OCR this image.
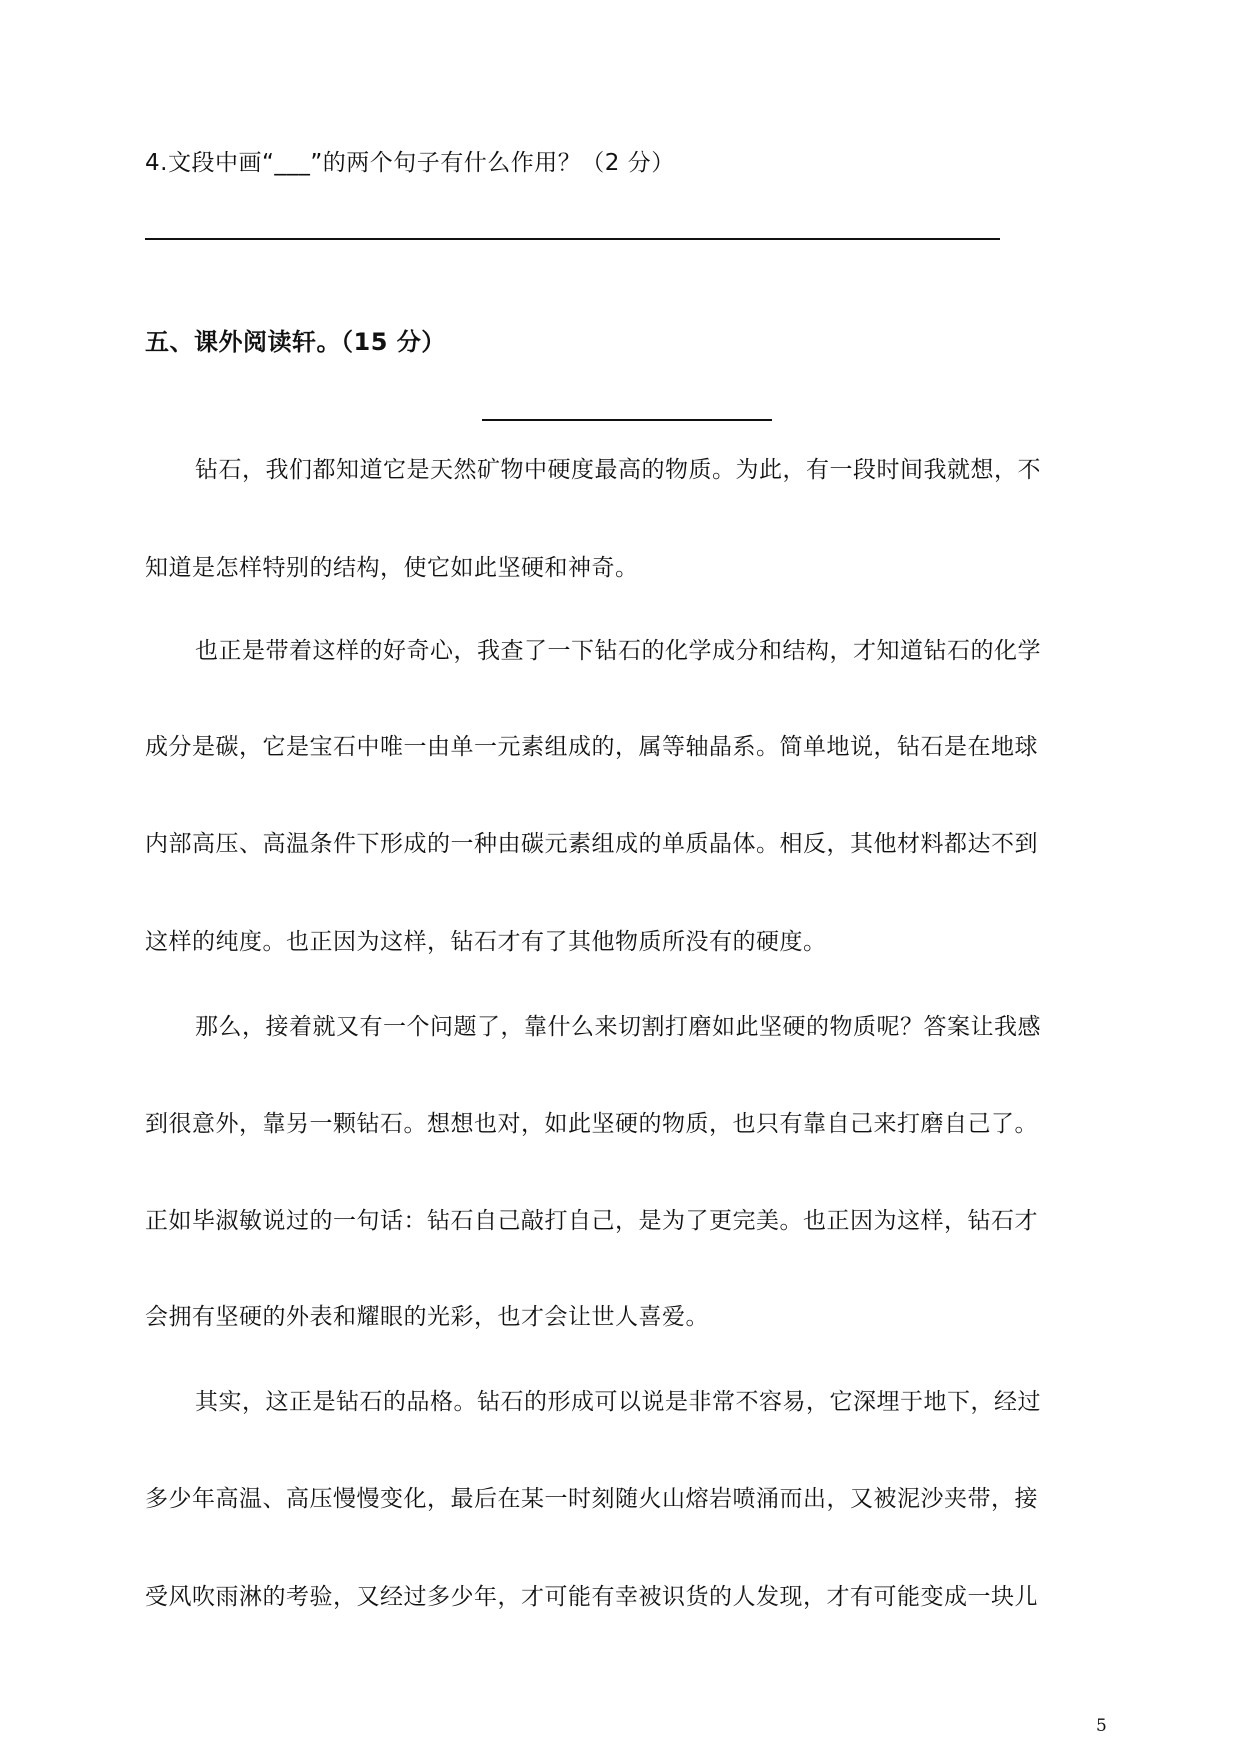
4.文段中画“___”的两个句子有什么作用？（2 分）
五、课外阅读轩。（15 分）
钻石，我们都知道它是天然矿物中硬度最高的物质。为此，有一段时间我就想，不
知道是怎样特别的结构，使它如此坚硬和神奇。
也正是带着这样的好奇心，我查了一下钻石的化学成分和结构，才知道钻石的化学
成分是碳，它是宝石中唯一由单一元素组成的，属等轴晶系。简单地说，钻石是在地球
内部高压、高温条件下形成的一种由碳元素组成的单质晶体。相反，其他材料都达不到
这样的纯度。也正因为这样，钻石才有了其他物质所没有的硬度。
那么，接着就又有一个问题了，靠什么来切割打磨如此坚硬的物质呢？答案让我感
到很意外，靠另一颗钻石。想想也对，如此坚硬的物质，也只有靠自己来打磨自己了。
正如毕淑敏说过的一句话：钻石自己敲打自己，是为了更完美。也正因为这样，钻石才
会拥有坚硬的外表和耀眼的光彩，也才会让世人喜爱。
其实，这正是钻石的品格。钻石的形成可以说是非常不容易，它深埋于地下，经过
多少年高温、高压慢慢变化，最后在某一时刻随火山熔岩喷涌而出，又被泥沙夹带，接
受风吹雨淋的考验，又经过多少年，才可能有幸被识货的人发现，才有可能变成一块儿
5
